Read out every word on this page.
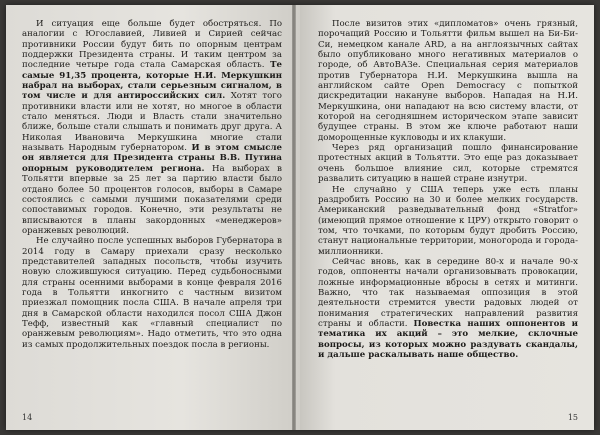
И ситуация еще больше будет обостряться. По аналогии с Югославией, Ливией и Сирией сейчас противники России будут бить по опорным центрам поддержки Президента страны. И таким центром за последние четыре года стала Самарская область. Те самые 91,35 процента, которые Н.И. Меркушкин набрал на выборах, стали серьезным сигналом, в том числе и для антироссийских сил. Хотят того противники власти или не хотят, но многое в области стало меняться. Люди и Власть стали значительно ближе, больше стали слышать и понимать друг друга. А Николая Ивановича Меркушкина многие стали называть Народным губернатором. И в этом смысле он является для Президента страны В.В. Путина опорным руководителем региона. На выборах в Тольятти впервые за 25 лет за партию власти было отдано более 50 процентов голосов, выборы в Самаре состоялись с самыми лучшими показателями среди сопоставимых городов. Конечно, эти результаты не вписываются в планы закордонных «менеджеров» оранжевых революций.

Не случайно после успешных выборов Губернатора в 2014 году в Самару приехали сразу несколько представителей западных посольств, чтобы изучить новую сложившуюся ситуацию. Перед судьбоносными для страны осенними выборами в конце февраля 2016 года в Тольятти инкогнито с частным визитом приезжал помощник посла США. В начале апреля три дня в Самарской области находился посол США Джон Тефф, известный как «главный специалист по оранжевым революциям». Надо отметить, что это одна из самых продолжительных поездок посла в регионы.

14

После визитов этих «дипломатов» очень грязный, порочащий Россию и Тольятти фильм вышел на Би-Би-Си, немецком канале ARD, а на англоязычных сайтах было опубликовано много негативных материалов о городе, об АвтоВАЗе. Специальная серия материалов против Губернатора Н.И. Меркушкина вышла на английском сайте Open Democracy с попыткой дискредитации накануне выборов. Нападая на Н.И. Меркушкина, они нападают на всю систему власти, от которой на сегодняшнем историческом этапе зависит будущее страны. В этом же ключе работают наши доморощенные кукловоды и их клакуши.

Через ряд организаций пошло финансирование протестных акций в Тольятти. Это еще раз доказывает очень большое влияние сил, которые стремятся развалить ситуацию в нашей стране изнутри.

Не случайно у США теперь уже есть планы раздробить Россию на 30 и более мелких государств. Американский разведывательный фонд «Stratfor» (имеющий прямое отношение к ЦРУ) открыто говорит о том, что точками, по которым будут дробить Россию, станут национальные территории, моногорода и города-миллионники.

Сейчас вновь, как в середине 80-х и начале 90-х годов, оппоненты начали организовывать провокации, ложные информационные вбросы в сетях и митинги. Важно, что так называемая оппозиция в этой деятельности стремится увести радовых людей от понимания стратегических направлений развития страны и области. Повестка наших оппонентов и тематика их акций – это мелкие, склочные вопросы, из которых можно раздувать скандалы, и дальше раскалывать наше общество.

15
